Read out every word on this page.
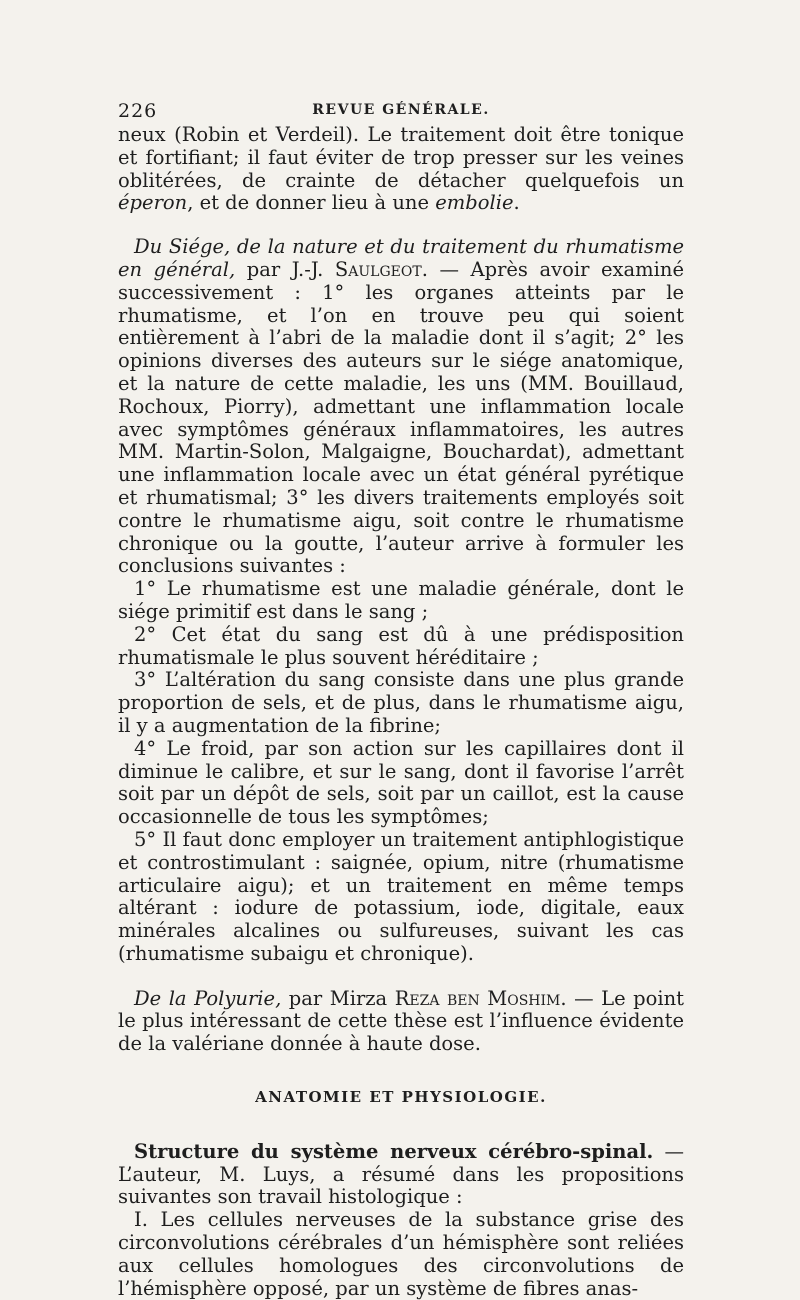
226	REVUE GÉNÉRALE.

neux (Robin et Verdeil). Le traitement doit être tonique et fortifiant; il faut éviter de trop presser sur les veines oblitérées, de crainte de détacher quelquefois un éperon, et de donner lieu à une embolie.

Du Siége, de la nature et du traitement du rhumatisme en général, par J.-J. Saulgeot. — Après avoir examiné successivement : 1° les organes atteints par le rhumatisme, et l’on en trouve peu qui soient entièrement à l’abri de la maladie dont il s’agit; 2° les opinions diverses des auteurs sur le siége anatomique, et la nature de cette maladie, les uns (MM. Bouillaud, Rochoux, Piorry), admettant une inflammation locale avec symptômes généraux inflammatoires, les autres MM. Martin-Solon, Malgaigne, Bouchardat), admettant une inflammation locale avec un état général pyrétique et rhumatismal; 3° les divers traitements employés soit contre le rhumatisme aigu, soit contre le rhumatisme chronique ou la goutte, l’auteur arrive à formuler les conclusions suivantes :

1° Le rhumatisme est une maladie générale, dont le siége primitif est dans le sang ;

2° Cet état du sang est dû à une prédisposition rhumatismale le plus souvent héréditaire ;

3° L’altération du sang consiste dans une plus grande proportion de sels, et de plus, dans le rhumatisme aigu, il y a augmentation de la fibrine;

4° Le froid, par son action sur les capillaires dont il diminue le calibre, et sur le sang, dont il favorise l’arrêt soit par un dépôt de sels, soit par un caillot, est la cause occasionnelle de tous les symptômes;

5° Il faut donc employer un traitement antiphlogistique et controstimulant : saignée, opium, nitre (rhumatisme articulaire aigu); et un traitement en même temps altérant : iodure de potassium, iode, digitale, eaux minérales alcalines ou sulfureuses, suivant les cas (rhumatisme subaigu et chronique).

De la Polyurie, par Mirza Reza ben Moshim. — Le point le plus intéressant de cette thèse est l’influence évidente de la valériane donnée à haute dose.

ANATOMIE ET PHYSIOLOGIE.

Structure du système nerveux cérébro-spinal. — L’auteur, M. Luys, a résumé dans les propositions suivantes son travail histologique :

I. Les cellules nerveuses de la substance grise des circonvolutions cérébrales d’un hémisphère sont reliées aux cellules homologues des circonvolutions de l’hémisphère opposé, par un système de fibres anas-
